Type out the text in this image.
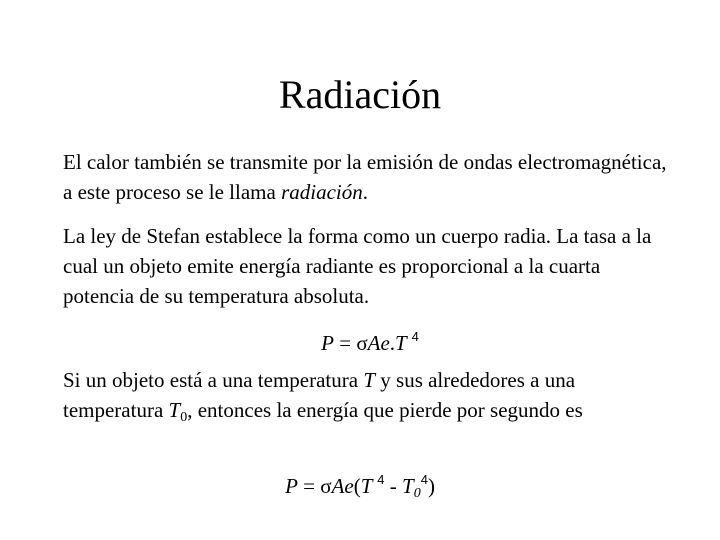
Radiación
El calor también se transmite por la emisión de ondas electromagnética, a este proceso se le llama radiación.
La ley de Stefan establece la forma como un cuerpo radia. La tasa a la cual un objeto emite energía radiante es proporcional a la cuarta potencia de su temperatura absoluta.
P = σAe.T $^4$
Si un objeto está a una temperatura T y sus alrededores a una temperatura $T_0$, entonces la energía que pierde por segundo es
P = σAe(T $^4 - T_0^4$)
